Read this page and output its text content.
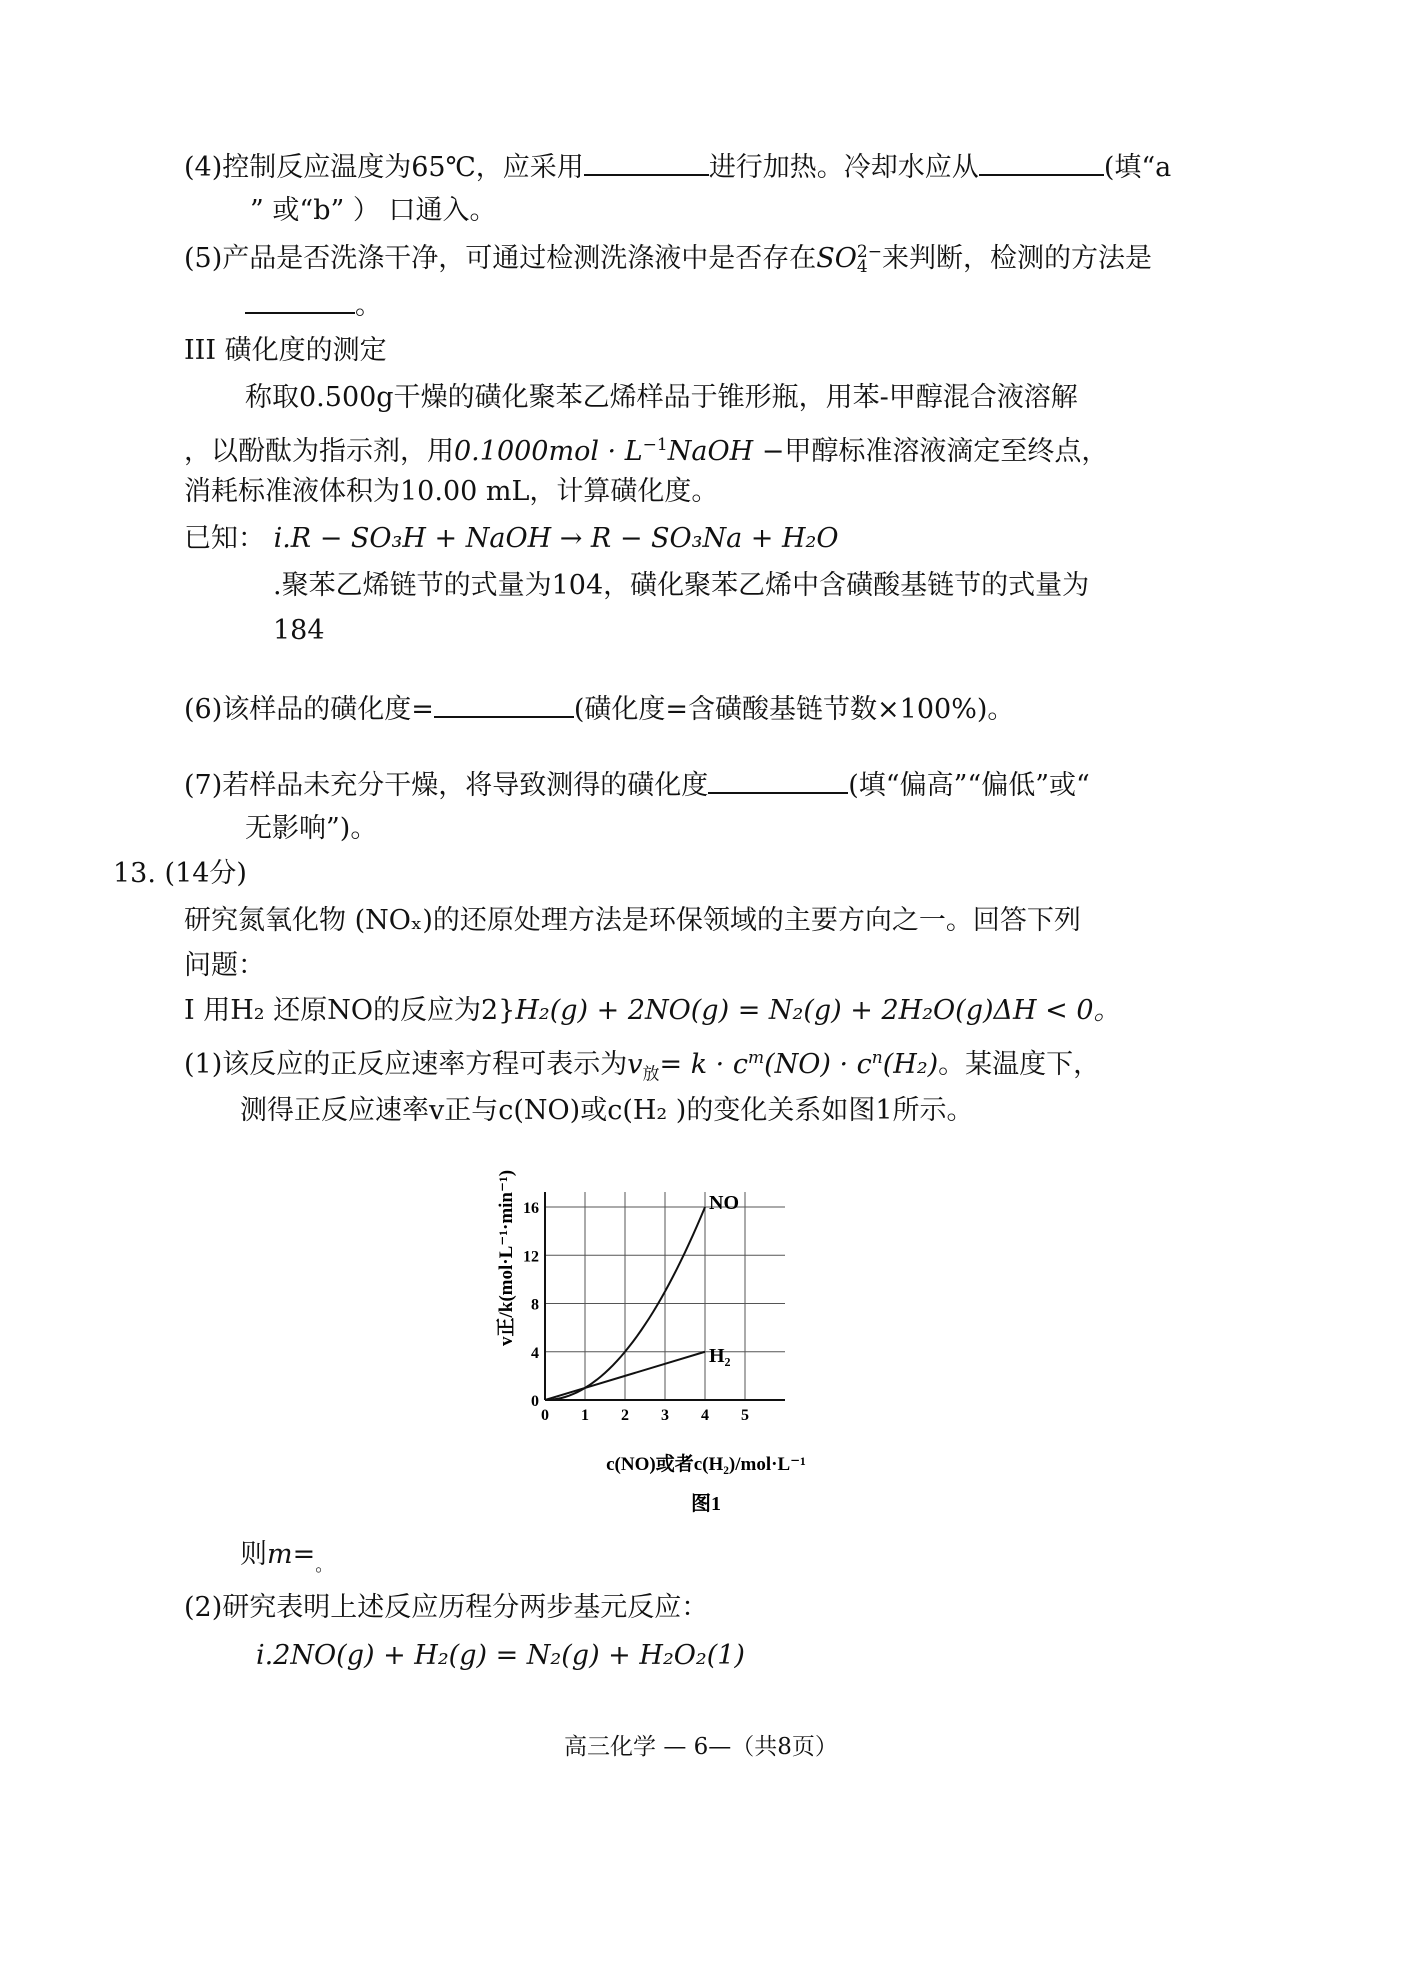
(4)控制反应温度为65℃，应采用	进行加热。冷却水应从	(填“a
” 或“b” ） 口通入。
(5)产品是否洗涤干净，可通过检测洗涤液中是否存在SO 2−
4 来判断，检测的方法是
。
III 磺化度的测定
称取0.500g干燥的磺化聚苯乙烯样品于锥形瓶，用苯-甲醇混合液溶解
，以酚酞为指示剂，用$0.1000mol \cdot L^{-1}NaOH$ −甲醇标准溶液滴定至终点，
消耗标准液体积为10.00 mL，计算磺化度。
已知： i.R − SO₃H + NaOH → R − SO₃Na + H₂O
.聚苯乙烯链节的式量为104，磺化聚苯乙烯中含磺酸基链节的式量为
184
(6)该样品的磺化度=	(磺化度=含磺酸基链节数×100%)。
(7)若样品未充分干燥，将导致测得的磺化度	(填“偏高”“偏低”或“
无影响”)。
13. (14分)
研究氮氧化物 (NOₓ)的还原处理方法是环保领域的主要方向之一。回答下列
问题：
I 用H₂ 还原NO的反应为2}H₂(g) + 2NO(g) = N₂(g) + 2H₂O(g)ΔH < 0。
(1)该反应的正反应速率方程可表示为$v_放= k \cdot c^m(NO) \cdot c^n(H_2)$。某温度下，
测得正反应速率v正与c(NO)或c(H₂ )的变化关系如图1所示。
0
4
8
12
16
0 1 2 3 4 5
NO
H₂
v正/k(mol·L⁻¹·min⁻¹)
c(NO)或者c(H₂)/mol·L⁻¹
图1
则$m=_。$
(2)研究表明上述反应历程分两步基元反应：
i.2NO(g) + H₂(g) = N₂(g) + H₂O₂(1)
高三化学 — 6—（共8页）
